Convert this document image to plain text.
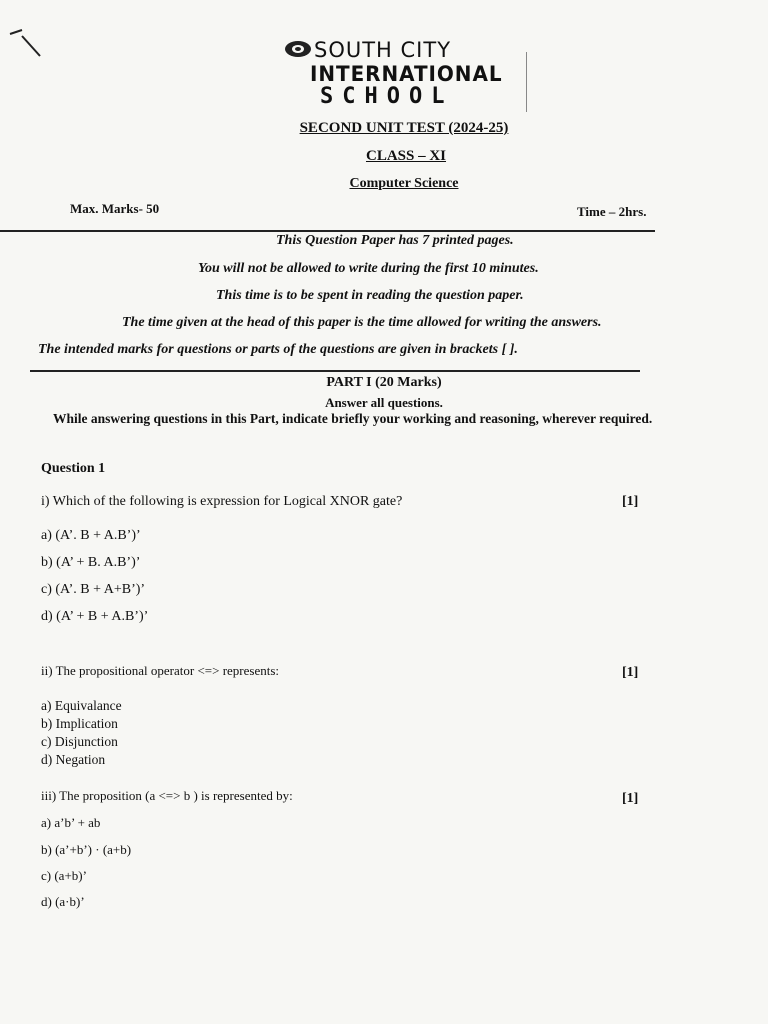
SOUTH CITY
INTERNATIONAL
SCHOOL
SECOND UNIT TEST (2024-25)
CLASS – XI
Computer Science
Max. Marks- 50	Time – 2hrs.
This Question Paper has 7 printed pages.
You will not be allowed to write during the first 10 minutes.
This time is to be spent in reading the question paper.
The time given at the head of this paper is the time allowed for writing the answers.
The intended marks for questions or parts of the questions are given in brackets [ ].
PART I (20 Marks)
Answer all questions.
While answering questions in this Part, indicate briefly your working and reasoning, wherever required.
Question 1
i) Which of the following is expression for Logical XNOR gate?	[1]
a) (A’. B + A.B’)’
b) (A’ + B. A.B’)’
c) (A’. B + A+B’)’
d) (A’ + B + A.B’)’
ii) The propositional operator <=> represents:	[1]
a) Equivalance
b) Implication
c) Disjunction
d) Negation
iii) The proposition (a <=> b ) is represented by:	[1]
a) a’b’ + ab
b) (a’+b’) · (a+b)
c) (a+b)’
d) (a·b)’
